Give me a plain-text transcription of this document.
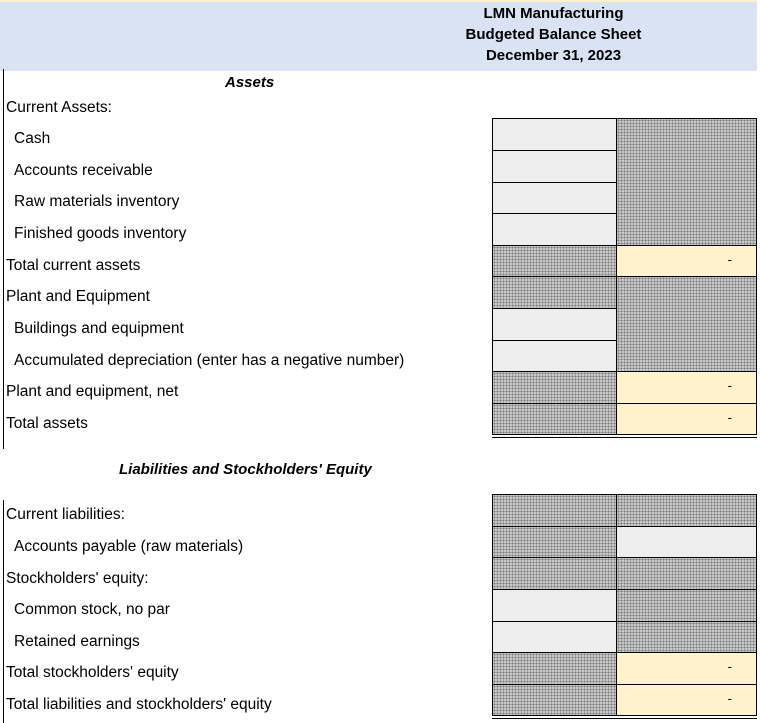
LMN Manufacturing
Budgeted Balance Sheet
December 31, 2023
Assets
Current Assets:
Cash
Accounts receivable
Raw materials inventory
Finished goods inventory
Total current assets
Plant and Equipment
Buildings and equipment
Accumulated depreciation (enter has a negative number)
Plant and equipment, net
Total assets
-
-
-
Liabilities and Stockholders' Equity
Current liabilities:
Accounts payable (raw materials)
Stockholders' equity:
Common stock, no par
Retained earnings
Total stockholders' equity
Total liabilities and stockholders' equity
-
-
